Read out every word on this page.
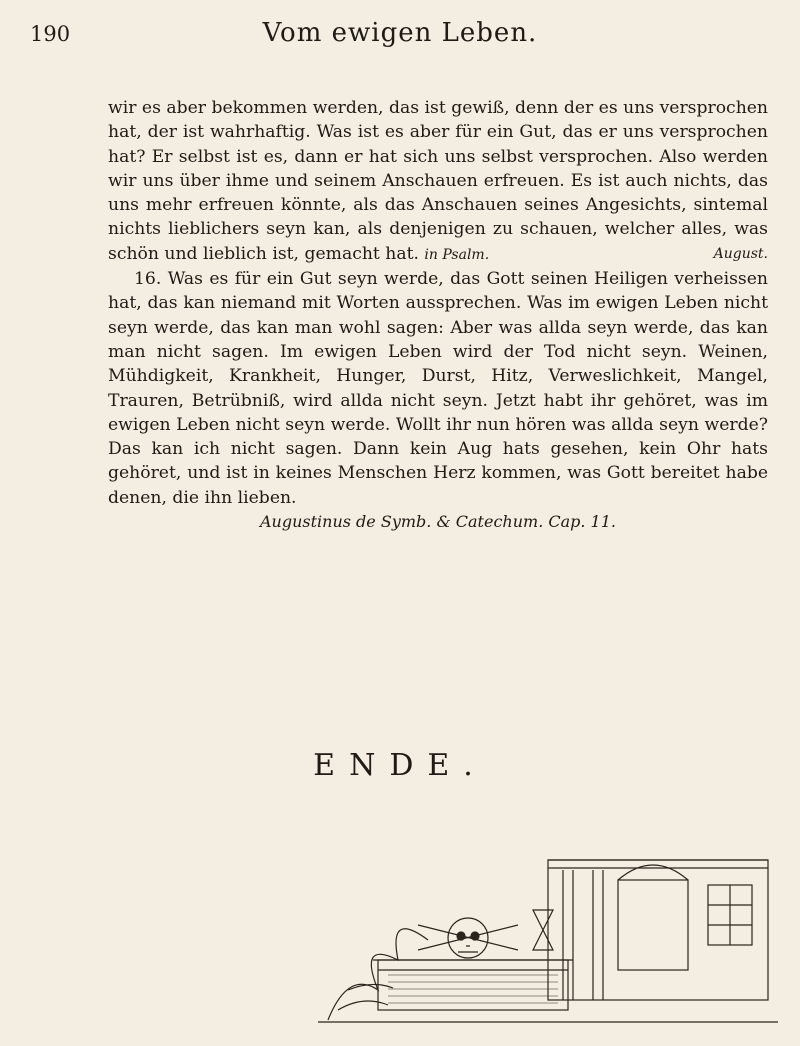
190	Vom ewigen Leben.

wir es aber bekommen werden, das ist gewiß, denn der es uns versprochen hat, der ist wahrhaftig. Was ist es aber für ein Gut, das er uns versprochen hat? Er selbst ist es, dann er hat sich uns selbst versprochen. Also werden wir uns über ihme und seinem Anschauen erfreuen. Es ist auch nichts, das uns mehr erfreuen könnte, als das Anschauen seines Angesichts, sintemal nichts lieblichers seyn kan, als denjenigen zu schauen, welcher alles, was schön und lieblich ist, gemacht hat. in Psalm.	August.

16. Was es für ein Gut seyn werde, das Gott seinen Heiligen verheissen hat, das kan niemand mit Worten aussprechen. Was im ewigen Leben nicht seyn werde, das kan man wohl sagen: Aber was allda seyn werde, das kan man nicht sagen. Im ewigen Leben wird der Tod nicht seyn. Weinen, Mühdigkeit, Krankheit, Hunger, Durst, Hitz, Verweslichkeit, Mangel, Trauren, Betrübniß, wird allda nicht seyn. Jetzt habt ihr gehöret, was im ewigen Leben nicht seyn werde. Wollt ihr nun hören was allda seyn werde? Das kan ich nicht sagen. Dann kein Aug hats gesehen, kein Ohr hats gehöret, und ist in keines Menschen Herz kommen, was Gott bereitet habe denen, die ihn lieben.

Augustinus de Symb. & Catechum. Cap. 11.

ENDE.
